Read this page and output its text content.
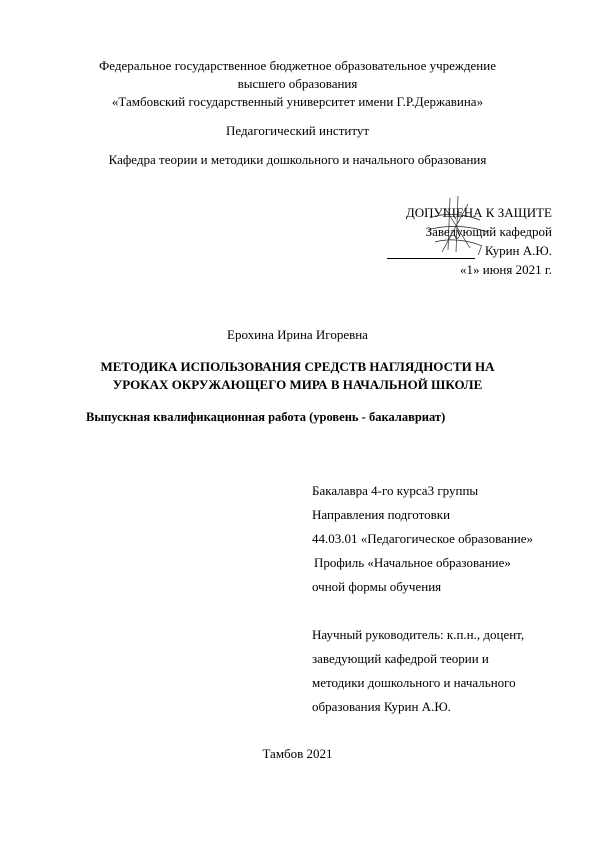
Федеральное государственное бюджетное образовательное учреждение
высшего образования
«Тамбовский государственный университет имени Г.Р.Державина»
Педагогический институт
Кафедра теории и методики дошкольного и начального образования
ДОПУЩЕНА К ЗАЩИТЕ
Заведующий кафедрой
/ Курин А.Ю.
«1» июня 2021 г.
Ерохина Ирина Игоревна
МЕТОДИКА ИСПОЛЬЗОВАНИЯ СРЕДСТВ НАГЛЯДНОСТИ НА
УРОКАХ ОКРУЖАЮЩЕГО МИРА В НАЧАЛЬНОЙ ШКОЛЕ
Выпускная квалификационная работа (уровень - бакалавриат)
Бакалавра 4-го курса3 группы
Направления подготовки
44.03.01 «Педагогическое образование»
Профиль «Начальное образование»
очной формы обучения
Научный руководитель: к.п.н., доцент,
заведующий кафедрой теории и
методики дошкольного и начального
образования Курин А.Ю.
Тамбов 2021
